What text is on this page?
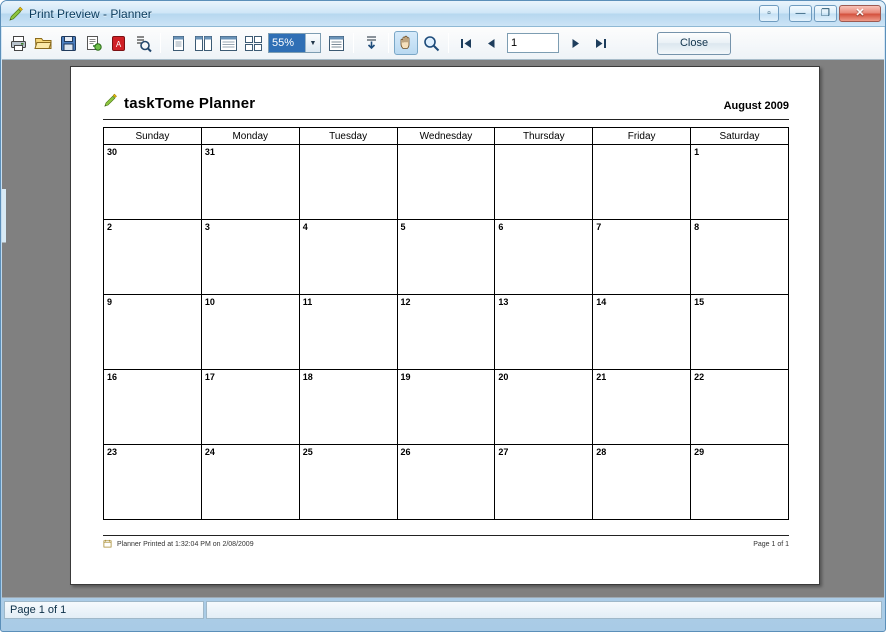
Print Preview - Planner	▫	—	❐	✕
A	55%	▼
1	Close
taskTome Planner	August 2009
Sunday	Monday	Tuesday	Wednesday	Thursday	Friday	Saturday
30	31					1
2	3	4	5	6	7	8
9	10	11	12	13	14	15
16	17	18	19	20	21	22
23	24	25	26	27	28	29
Planner Printed at 1:32:04 PM on 2/08/2009	Page 1 of 1
Page 1 of 1
